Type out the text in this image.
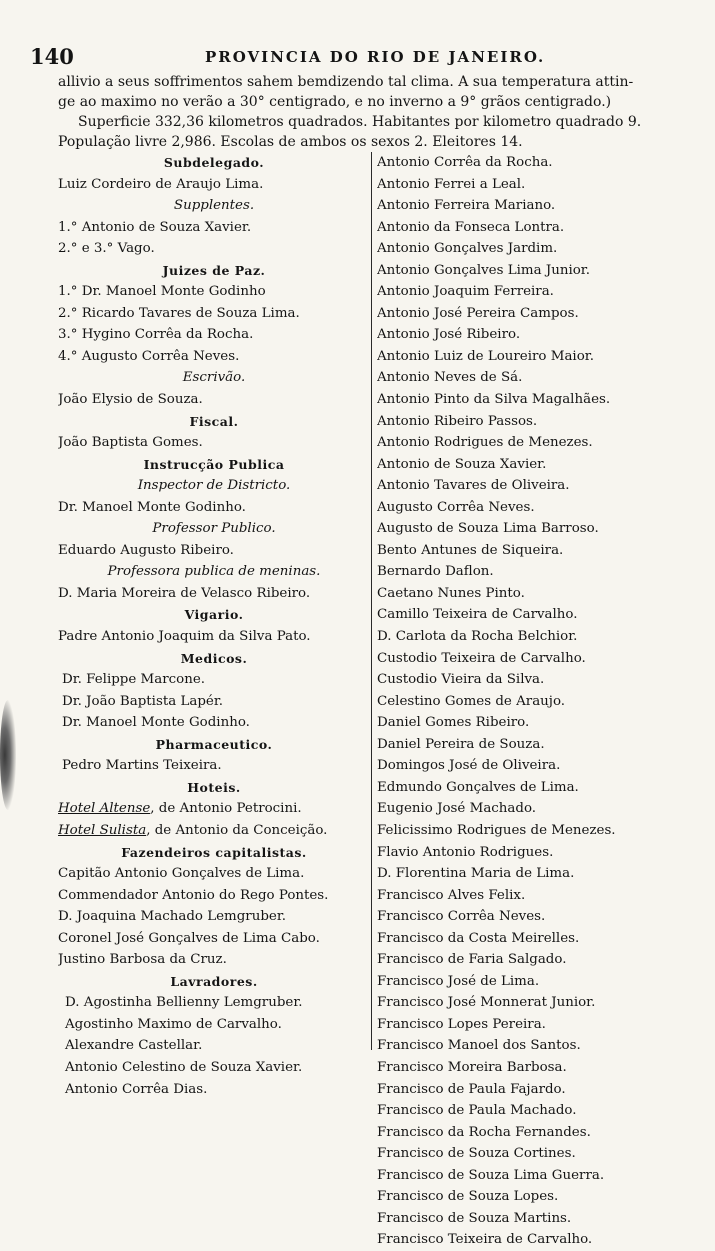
140	PROVINCIA DO RIO DE JANEIRO.

allivio a seus soffrimentos sahem bemdizendo tal clima. A sua temperatura attin-

ge ao maximo no verão a 30° centigrado, e no inverno a 9° grãos centigrado.)

Superficie 332,36 kilometros quadrados. Habitantes por kilometro quadrado 9.

População livre 2,986. Escolas de ambos os sexos 2. Eleitores 14.

Subdelegado.
Luiz Cordeiro de Araujo Lima.
Supplentes.
1.° Antonio de Souza Xavier.
2.° e 3.° Vago.
Juizes de Paz.
1.° Dr. Manoel Monte Godinho
2.° Ricardo Tavares de Souza Lima.
3.° Hygino Corrêa da Rocha.
4.° Augusto Corrêa Neves.
Escrivão.
João Elysio de Souza.
Fiscal.
João Baptista Gomes.
Instrucção Publica
Inspector de Districto.
Dr. Manoel Monte Godinho.
Professor Publico.
Eduardo Augusto Ribeiro.
Professora publica de meninas.
D. Maria Moreira de Velasco Ribeiro.
Vigario.
Padre Antonio Joaquim da Silva Pato.
Medicos.
Dr. Felippe Marcone.
Dr. João Baptista Lapér.
Dr. Manoel Monte Godinho.
Pharmaceutico.
Pedro Martins Teixeira.
Hoteis.
Hotel Altense, de Antonio Petrocini.
Hotel Sulista, de Antonio da Conceição.
Fazendeiros capitalistas.
Capitão Antonio Gonçalves de Lima.
Commendador Antonio do Rego Pontes.
D. Joaquina Machado Lemgruber.
Coronel José Gonçalves de Lima Cabo.
Justino Barbosa da Cruz.
Lavradores.
D. Agostinha Bellienny Lemgruber.
Agostinho Maximo de Carvalho.
Alexandre Castellar.
Antonio Celestino de Souza Xavier.
Antonio Corrêa Dias.
Antonio Corrêa da Rocha.
Antonio Ferrei a Leal.
Antonio Ferreira Mariano.
Antonio da Fonseca Lontra.
Antonio Gonçalves Jardim.
Antonio Gonçalves Lima Junior.
Antonio Joaquim Ferreira.
Antonio José Pereira Campos.
Antonio José Ribeiro.
Antonio Luiz de Loureiro Maior.
Antonio Neves de Sá.
Antonio Pinto da Silva Magalhães.
Antonio Ribeiro Passos.
Antonio Rodrigues de Menezes.
Antonio de Souza Xavier.
Antonio Tavares de Oliveira.
Augusto Corrêa Neves.
Augusto de Souza Lima Barroso.
Bento Antunes de Siqueira.
Bernardo Daflon.
Caetano Nunes Pinto.
Camillo Teixeira de Carvalho.
D. Carlota da Rocha Belchior.
Custodio Teixeira de Carvalho.
Custodio Vieira da Silva.
Celestino Gomes de Araujo.
Daniel Gomes Ribeiro.
Daniel Pereira de Souza.
Domingos José de Oliveira.
Edmundo Gonçalves de Lima.
Eugenio José Machado.
Felicissimo Rodrigues de Menezes.
Flavio Antonio Rodrigues.
D. Florentina Maria de Lima.
Francisco Alves Felix.
Francisco Corrêa Neves.
Francisco da Costa Meirelles.
Francisco de Faria Salgado.
Francisco José de Lima.
Francisco José Monnerat Junior.
Francisco Lopes Pereira.
Francisco Manoel dos Santos.
Francisco Moreira Barbosa.
Francisco de Paula Fajardo.
Francisco de Paula Machado.
Francisco da Rocha Fernandes.
Francisco de Souza Cortines.
Francisco de Souza Lima Guerra.
Francisco de Souza Lopes.
Francisco de Souza Martins.
Francisco Teixeira de Carvalho.
